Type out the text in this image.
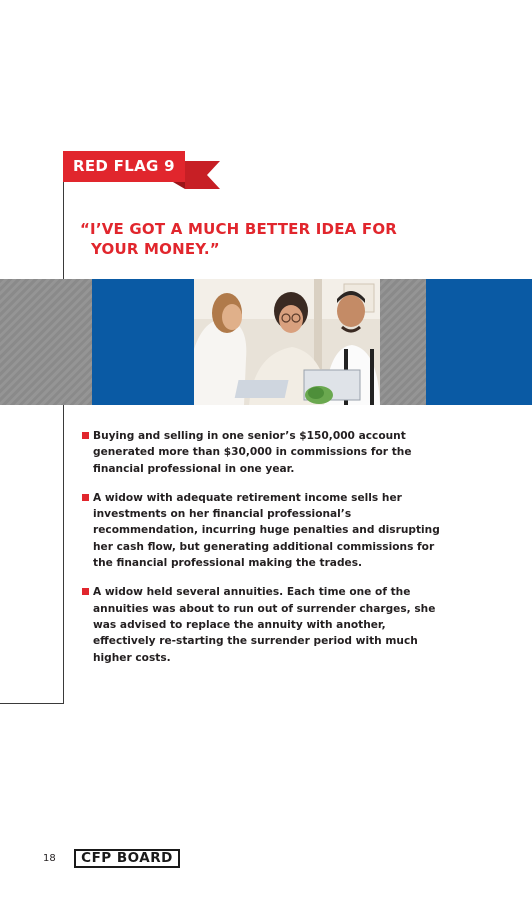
RED FLAG 9
“I’VE GOT A MUCH BETTER IDEA FOR
YOUR MONEY.”
Buying and selling in one senior’s $150,000 account generated more than $30,000 in commissions for the financial professional in one year.
A widow with adequate retirement income sells her investments on her financial professional’s recommendation, incurring huge penalties and disrupting her cash flow, but generating additional commissions for the financial professional making the trades.
A widow held several annuities. Each time one of the annuities was about to run out of surrender charges, she was advised to replace the annuity with another, effectively re-starting the surrender period with much higher costs.
18	CFP BOARD
